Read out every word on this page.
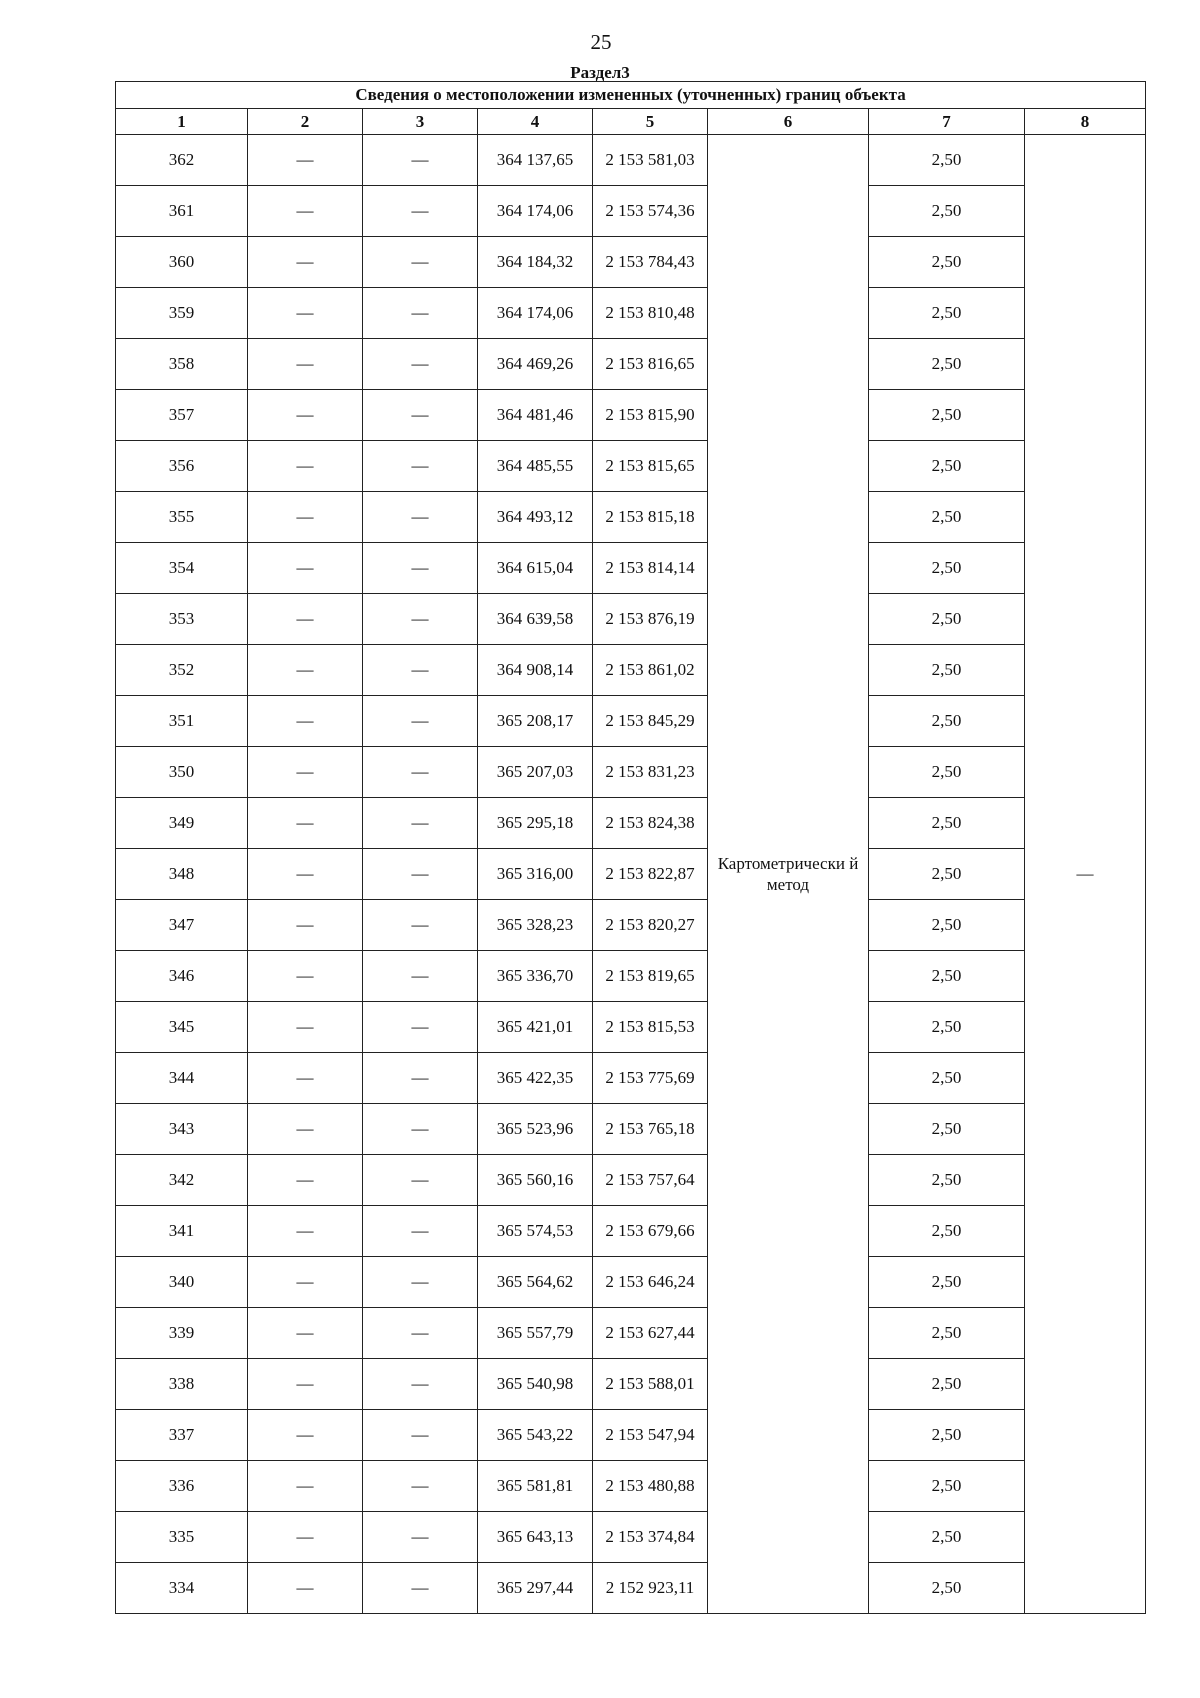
25
Раздел3
Сведения о местоположении измененных (уточненных) границ объекта							
1	2	3	4	5	6	7	8
362	—	—	364 137,65	2 153 581,03	Картометрически й метод	2,50	—
361	—	—	364 174,06	2 153 574,36		2,50	
360	—	—	364 184,32	2 153 784,43		2,50	
359	—	—	364 174,06	2 153 810,48		2,50	
358	—	—	364 469,26	2 153 816,65		2,50	
357	—	—	364 481,46	2 153 815,90		2,50	
356	—	—	364 485,55	2 153 815,65		2,50	
355	—	—	364 493,12	2 153 815,18		2,50	
354	—	—	364 615,04	2 153 814,14		2,50	
353	—	—	364 639,58	2 153 876,19		2,50	
352	—	—	364 908,14	2 153 861,02		2,50	
351	—	—	365 208,17	2 153 845,29		2,50	
350	—	—	365 207,03	2 153 831,23		2,50	
349	—	—	365 295,18	2 153 824,38		2,50	
348	—	—	365 316,00	2 153 822,87		2,50	
347	—	—	365 328,23	2 153 820,27		2,50	
346	—	—	365 336,70	2 153 819,65		2,50	
345	—	—	365 421,01	2 153 815,53		2,50	
344	—	—	365 422,35	2 153 775,69		2,50	
343	—	—	365 523,96	2 153 765,18		2,50	
342	—	—	365 560,16	2 153 757,64		2,50	
341	—	—	365 574,53	2 153 679,66		2,50	
340	—	—	365 564,62	2 153 646,24		2,50	
339	—	—	365 557,79	2 153 627,44		2,50	
338	—	—	365 540,98	2 153 588,01		2,50	
337	—	—	365 543,22	2 153 547,94		2,50	
336	—	—	365 581,81	2 153 480,88		2,50	
335	—	—	365 643,13	2 153 374,84		2,50	
334	—	—	365 297,44	2 152 923,11		2,50	
